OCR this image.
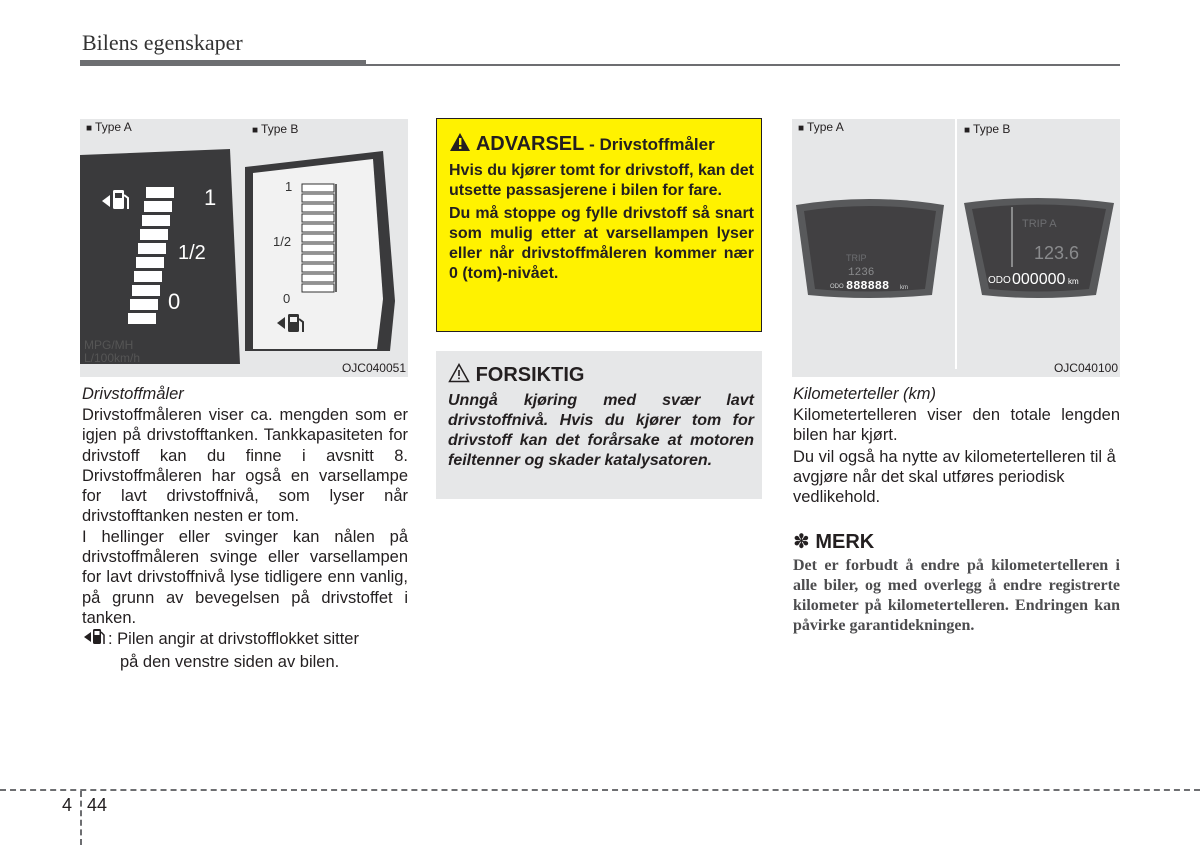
Bilens egenskaper
■ Type A
1
1/2
0
MPG/MH
L/100km/h
■ Type B
1
1/2
0
OJC040051
Drivstoffmåler
Drivstoffmåleren viser ca. mengden som er igjen på drivstofftanken. Tankkapasiteten for drivstoff kan du finne i avsnitt 8. Drivstoffmåleren har også en varsellampe for lavt drivstoffnivå, som lyser når drivstofftanken nesten er tom.
I hellinger eller svinger kan nålen på drivstoffmåleren svinge eller varsellampen for lavt drivstoffnivå lyse tidligere enn vanlig, på grunn av bevegelsen på drivstoffet i tanken.
: Pilen angir at drivstofflokket sitter
på den venstre siden av bilen.
ADVARSEL - Drivstoffmåler
Hvis du kjører tomt for drivstoff, kan det utsette passasjerene i bilen for fare.
Du må stoppe og fylle drivstoff så snart som mulig etter at varsellampen lyser eller når drivstoffmåleren kommer nær 0 (tom)-nivået.
FORSIKTIG
Unngå kjøring med svær lavt drivstoffnivå. Hvis du kjører tom for drivstoff kan det forårsake at motoren feiltenner og skader katalysatoren.
■ Type A	■ Type B
TRIP
1236
ODO 888888 km
TRIP A
123.6
ODO 000000 km
OJC040100
Kilometerteller (km)
Kilometertelleren viser den totale lengden bilen har kjørt.
Du vil også ha nytte av kilometertelleren til å avgjøre når det skal utføres periodisk vedlikehold.
✽ MERK
Det er forbudt å endre på kilometertelleren i alle biler, og med overlegg å endre registrerte kilometer på kilometertelleren. Endringen kan påvirke garantidekningen.
4 44
